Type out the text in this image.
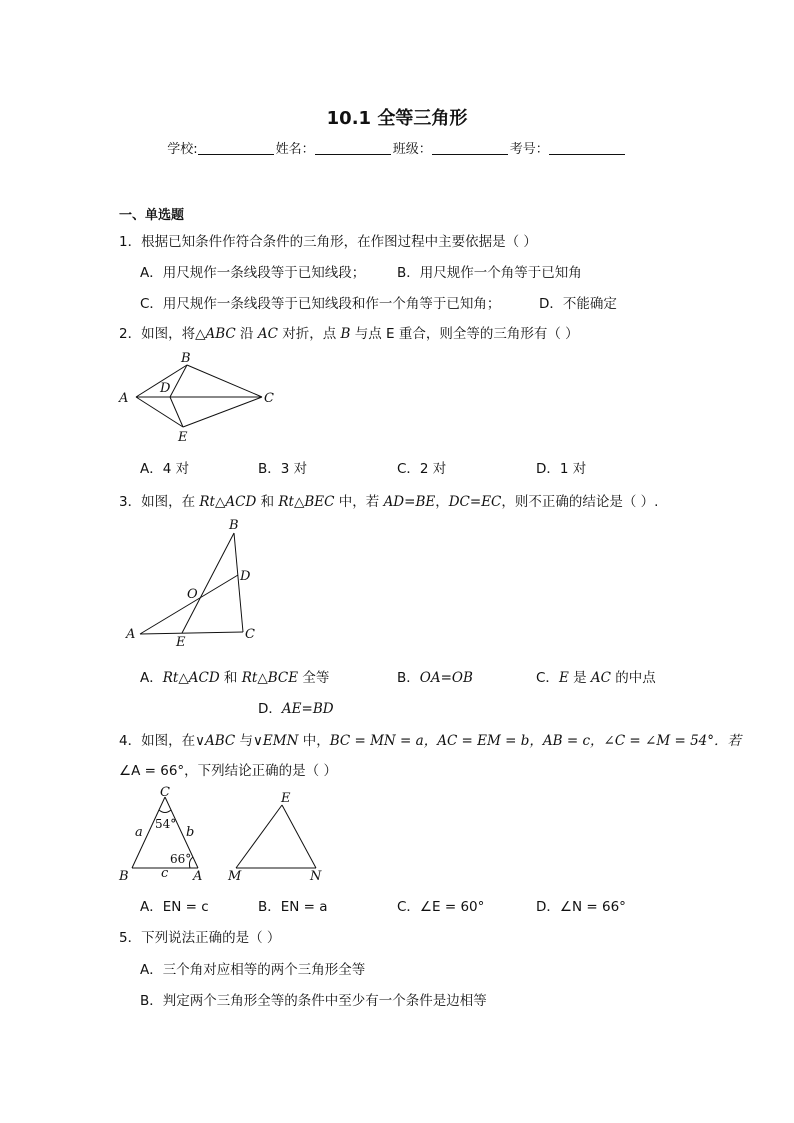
10.1 全等三角形
学校:	姓名：	班级：	考号：
一、单选题
1．根据已知条件作符合条件的三角形，在作图过程中主要依据是（ ）
A．用尺规作一条线段等于已知线段； B．用尺规作一个角等于已知角
C．用尺规作一条线段等于已知线段和作一个角等于已知角；	D．不能确定
2．如图，将△ABC 沿 AC 对折，点 B 与点 E 重合，则全等的三角形有（ ）
A
B
C
D
E
A．4 对	B．3 对	C．2 对	D．1 对
3．如图，在 Rt△ACD 和 Rt△BEC 中，若 AD=BE，DC=EC，则不正确的结论是（ ）.
A
B
C
D
E
O
A．Rt△ACD 和 Rt△BCE 全等	B．OA=OB	C．E 是 AC 的中点
D．AE=BD
4．如图，在∨ABC 与∨EMN 中，BC = MN = a，AC = EM = b，AB = c，∠C = ∠M = 54°．若
∠A = 66°，下列结论正确的是（ ）
C
B	A
a	b
c
54°
66°
E
M	N
A．EN = c	B．EN = a	C．∠E = 60°	D．∠N = 66°
5．下列说法正确的是（ ）
A．三个角对应相等的两个三角形全等
B．判定两个三角形全等的条件中至少有一个条件是边相等
